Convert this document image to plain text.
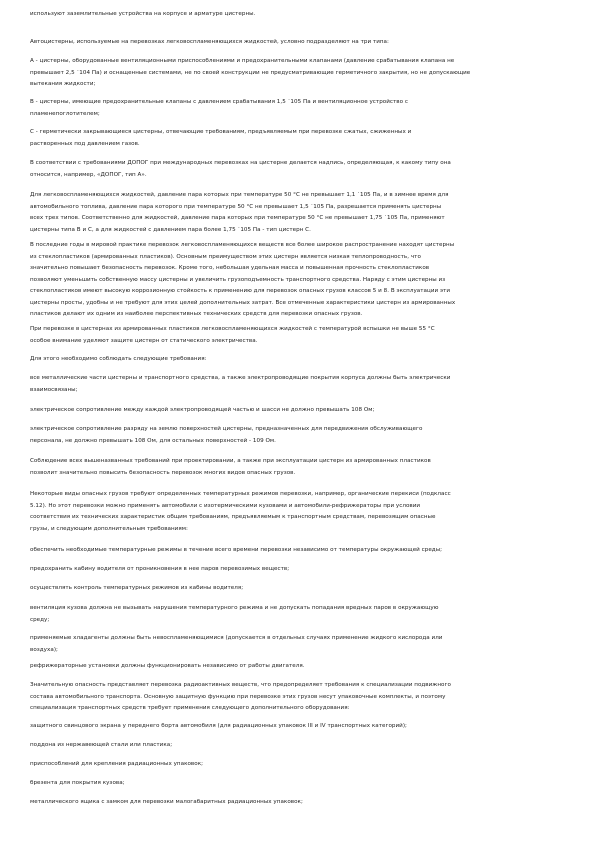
используют заземлительные устройства на корпусе и арматуре цистерны.

Автоцистерны, используемые на перевозках легковоспламеняющихся жидкостей, условно подразделяют на три типа:

А - цистерны, оборудованные вентиляционными приспособлениями и предохранительными клапанами (давление срабатывания клапана не
превышает 2,5 ˙104 Па) и оснащенные системами, не по своей конструкции не предусматривающие герметичного закрытия, но не допускающие
вытекания жидкости;

В - цистерны, имеющие предохранительные клапаны с давлением срабатывания 1,5 ˙105 Па и вентиляционное устройство с
пламенепоглотителем;

С - герметически закрывающиеся цистерны, отвечающие требованиям, предъявляемым при перевозке сжатых, сжиженных и
растворенных под давлением газов.

В соответствии с требованиями ДОПОГ при международных перевозках на цистерне делается надпись, определяющая, к какому типу она
относится, например, «ДОПОГ, тип А».

Для легковоспламеняющихся жидкостей, давление пара которых при температуре 50 °С не превышает 1,1 ˙105 Па, и в зимнее время для
автомобильного топлива, давление пара которого при температуре 50 °С не превышает 1,5 ˙105 Па, разрешается применять цистерны
всех трех типов. Соответственно для жидкостей, давление пара которых при температуре 50 °С не превышает 1,75 ˙105 Па, применяют
цистерны типа В и С, а для жидкостей с давлением пара более 1,75 ˙105 Па - тип цистерн С.

В последние годы в мировой практике перевозок легковоспламеняющихся веществ все более широкое распространение находят цистерны
из стеклопластиков (армированных пластиков). Основным преимуществом этих цистерн является низкая теплопроводность, что
значительно повышает безопасность перевозок. Кроме того, небольшая удельная масса и повышенная прочность стеклопластиков
позволяют уменьшить собственную массу цистерны и увеличить грузоподъемность транспортного средства. Наряду с этим цистерны из
стеклопластиков имеют высокую коррозионную стойкость к применению для перевозок опасных грузов классов 5 и 8. В эксплуатации эти
цистерны просты, удобны и не требуют для этих целей дополнительных затрат. Все отмеченные характеристики цистерн из армированных
пластиков делают их одним из наиболее перспективных технических средств для перевозки опасных грузов.

При перевозке в цистернах из армированных пластиков легковоспламеняющихся жидкостей с температурой вспышки не выше 55 °С
особое внимание уделяют защите цистерн от статического электричества.

Для этого необходимо соблюдать следующие требования:

все металлические части цистерны и транспортного средства, а также электропроводящие покрытия корпуса должны быть электрически
взаимосвязаны;

электрическое сопротивление между каждой электропроводящей частью и шасси не должно превышать 108 Ом;

электрическое сопротивление разряду на землю поверхностей цистерны, предназначенных для передвижения обслуживающего
персонала, не должно превышать 108 Ом, для остальных поверхностей - 109 Ом.

Соблюдение всех вышеназванных требований при проектировании, а также при эксплуатации цистерн из армированных пластиков
позволит значительно повысить безопасность перевозок многих видов опасных грузов.

Некоторые виды опасных грузов требуют определенных температурных режимов перевозки, например, органические перекиси (подкласс
5.12). Но этот перевозки можно применять автомобили с изотермическими кузовами и автомобили-рефрижераторы при условии
соответствия их технических характеристик общим требованиям, предъявляемым к транспортным средствам, перевозящим опасные
грузы, и следующим дополнительным требованиям:

обеспечить необходимые температурные режимы в течение всего времени перевозки независимо от температуры окружающей среды;

предохранить кабину водителя от проникновения в нее паров перевозимых веществ;

осуществлять контроль температурных режимов из кабины водителя;

вентиляция кузова должна не вызывать нарушения температурного режима и не допускать попадания вредных паров в окружающую
среду;

применяемые хладагенты должны быть невоспламеняющимися (допускается в отдельных случаях применение жидкого кислорода или
воздуха);

рефрижераторные установки должны функционировать независимо от работы двигателя.

Значительную опасность представляет перевозка радиоактивных веществ, что предопределяет требования к специализации подвижного
состава автомобильного транспорта. Основную защитную функцию при перевозке этих грузов несут упаковочные комплекты, и поэтому
специализация транспортных средств требует применения следующего дополнительного оборудования:

защитного свинцового экрана у переднего борта автомобиля (для радиационных упаковок III и IV транспортных категорий);

поддона из нержавеющей стали или пластика;

приспособлений для крепления радиационных упаковок;

брезента для покрытия кузова;

металлического ящика с замком для перевозки малогабаритных радиационных упаковок;
